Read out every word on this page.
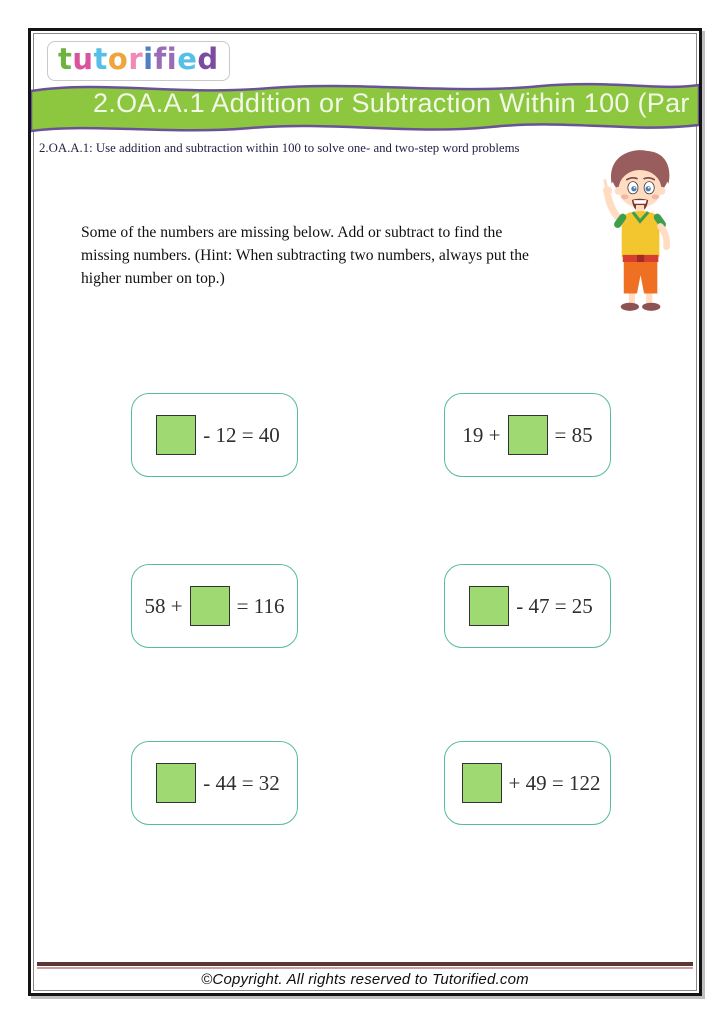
tutorified
2.OA.A.1 Addition or Subtraction Within 100 (Par
2.OA.A.1: Use addition and subtraction within 100 to solve one- and two-step word problems
Some of the numbers are missing below. Add or subtract to find the missing numbers. (Hint: When subtracting two numbers, always put the higher number on top.)
- 12 = 40	19 +	= 85
58 +	= 116	- 47 = 25
- 44 = 32	+ 49 = 122
©Copyright. All rights reserved to Tutorified.com
